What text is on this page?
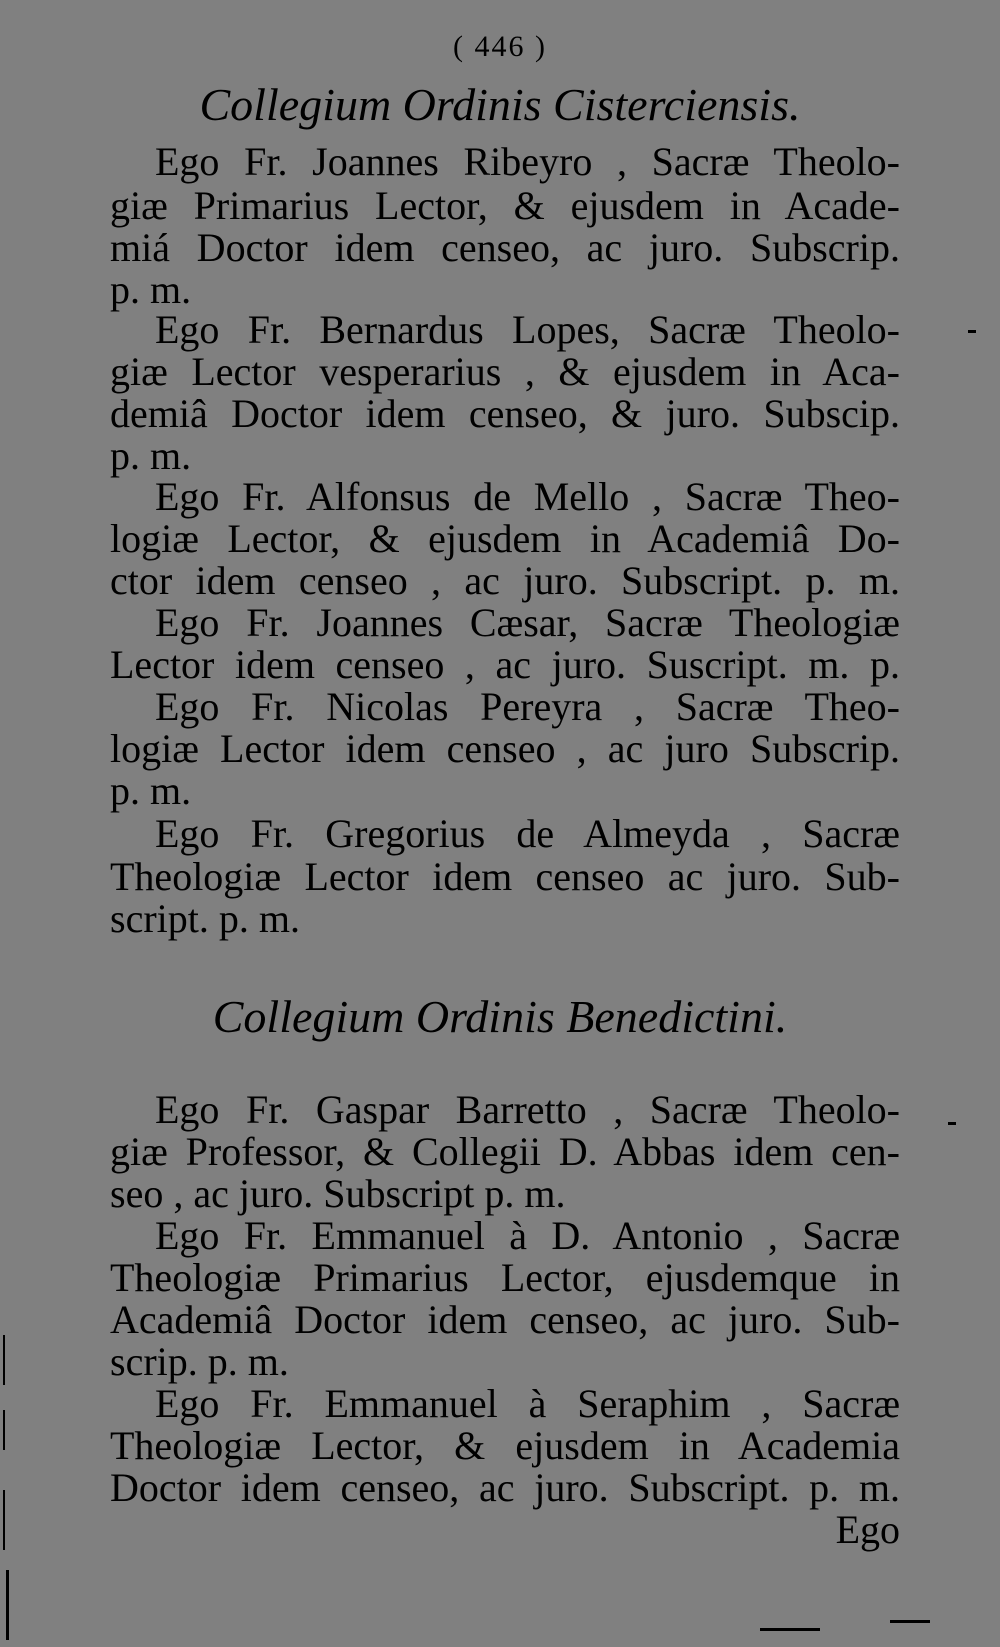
( 446 )
Collegium Ordinis Cisterciensis.
Ego Fr. Joannes Ribeyro , Sacræ Theolo-
giæ Primarius Lector, & ejusdem in Acade-
miá Doctor idem censeo, ac juro. Subscrip.
p. m.
Ego Fr. Bernardus Lopes, Sacræ Theolo-
giæ Lector vesperarius , & ejusdem in Aca-
demiâ Doctor idem censeo, & juro. Subscip.
p. m.
Ego Fr. Alfonsus de Mello , Sacræ Theo-
logiæ Lector, & ejusdem in Academiâ Do-
ctor idem censeo , ac juro. Subscript. p. m.
Ego Fr. Joannes Cæsar, Sacræ Theologiæ
Lector idem censeo , ac juro. Suscript. m. p.
Ego Fr. Nicolas Pereyra , Sacræ Theo-
logiæ Lector idem censeo , ac juro Subscrip.
p. m.
Ego Fr. Gregorius de Almeyda , Sacræ
Theologiæ Lector idem censeo ac juro. Sub-
script. p. m.
Collegium Ordinis Benedictini.
Ego Fr. Gaspar Barretto , Sacræ Theolo-
giæ Professor, & Collegii D. Abbas idem cen-
seo , ac juro. Subscript p. m.
Ego Fr. Emmanuel à D. Antonio , Sacræ
Theologiæ Primarius Lector, ejusdemque in
Academiâ Doctor idem censeo, ac juro. Sub-
scrip. p. m.
Ego Fr. Emmanuel à Seraphim , Sacræ
Theologiæ Lector, & ejusdem in Academia
Doctor idem censeo, ac juro. Subscript. p. m.
Ego
